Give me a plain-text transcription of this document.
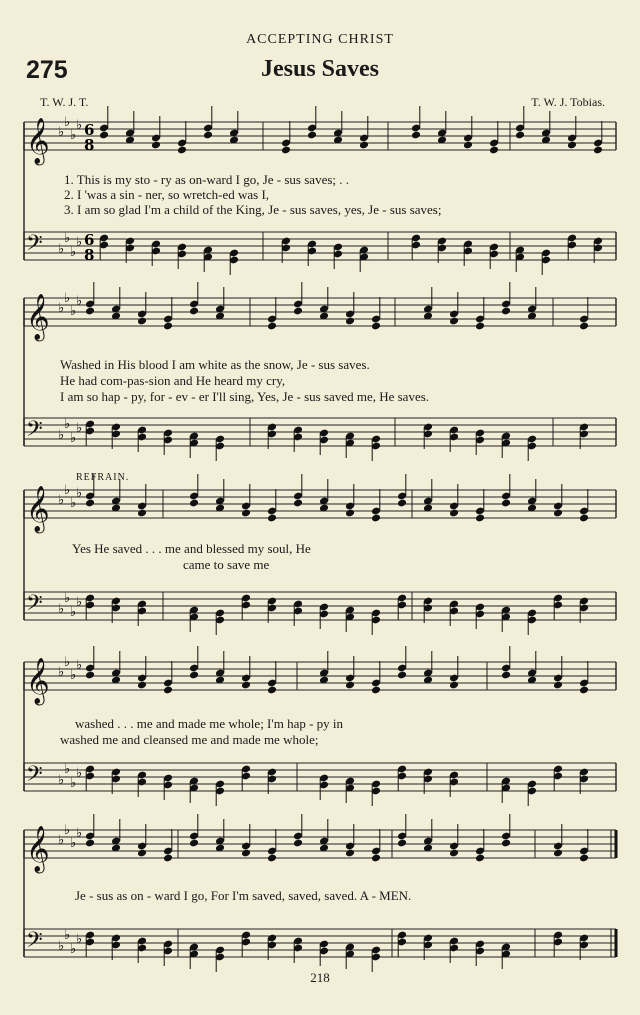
ACCEPTING CHRIST
275	Jesus Saves
T. W. J. T.	T. W. J. Tobias.
𝄞 ♭
♭
♭
♭
𝄢 ♭
♭
♭
♭
6
8
6
8
𝄞 ♭
♭
♭
♭
𝄢 ♭
♭
♭
♭
𝄞 ♭
♭
♭
♭
𝄢 ♭
♭
♭
♭
𝄞 ♭
♭
♭
♭
𝄢 ♭
♭
♭
♭
𝄞 ♭
♭
♭
♭
𝄢 ♭
♭
♭
♭
1. This is my sto - ry as on-ward I go, Je - sus saves; . .
2. I 'was a sin - ner, so wretch-ed was I,
3. I am so glad I'm a child of the King, Je - sus saves, yes, Je - sus saves;
Washed in His blood I am white as the snow, Je - sus saves.
He had com-pas-sion and He heard my cry,
I am so hap - py, for - ev - er I'll sing, Yes, Je - sus saved me, He saves.
REFRAIN.
Yes He saved . . . me and blessed my soul, He
came to save me
washed . . . me and made me whole; I'm hap - py in
washed me and cleansed me and made me whole;
Je - sus as on - ward I go, For I'm saved, saved, saved. A - MEN.
218
